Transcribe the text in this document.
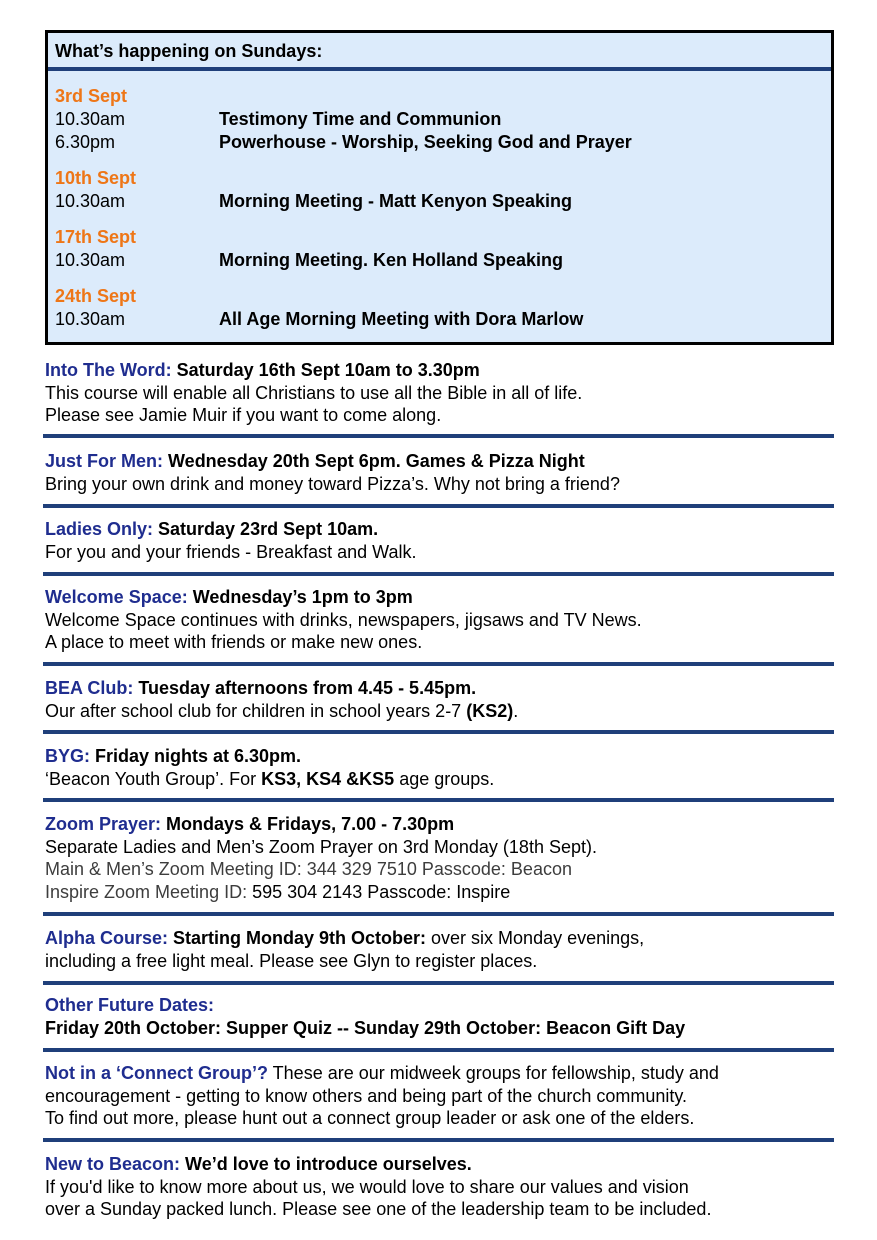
What’s happening on Sundays:
3rd Sept
10.30am	Testimony Time and Communion
6.30pm	Powerhouse - Worship, Seeking God and Prayer
10th Sept
10.30am	Morning Meeting - Matt Kenyon Speaking
17th Sept
10.30am	Morning Meeting. Ken Holland Speaking
24th Sept
10.30am	All Age Morning Meeting with Dora Marlow
Into The Word: Saturday 16th Sept 10am to 3.30pm
This course will enable all Christians to use all the Bible in all of life.
Please see Jamie Muir if you want to come along.
Just For Men: Wednesday 20th Sept 6pm. Games & Pizza Night
Bring your own drink and money toward Pizza’s. Why not bring a friend?
Ladies Only: Saturday 23rd Sept 10am.
For you and your friends - Breakfast and Walk.
Welcome Space: Wednesday’s 1pm to 3pm
Welcome Space continues with drinks, newspapers, jigsaws and TV News.
A place to meet with friends or make new ones.
BEA Club: Tuesday afternoons from 4.45 - 5.45pm.
Our after school club for children in school years 2-7 (KS2).
BYG: Friday nights at 6.30pm.
‘Beacon Youth Group’. For KS3, KS4 &KS5 age groups.
Zoom Prayer: Mondays & Fridays, 7.00 - 7.30pm
Separate Ladies and Men’s Zoom Prayer on 3rd Monday (18th Sept).
Main & Men’s Zoom Meeting ID: 344 329 7510 Passcode: Beacon
Inspire Zoom Meeting ID: 595 304 2143 Passcode: Inspire
Alpha Course: Starting Monday 9th October: over six Monday evenings,
including a free light meal. Please see Glyn to register places.
Other Future Dates:
Friday 20th October: Supper Quiz -- Sunday 29th October: Beacon Gift Day
Not in a ‘Connect Group’? These are our midweek groups for fellowship, study and
encouragement - getting to know others and being part of the church community.
To find out more, please hunt out a connect group leader or ask one of the elders.
New to Beacon: We’d love to introduce ourselves.
If you'd like to know more about us, we would love to share our values and vision
over a Sunday packed lunch. Please see one of the leadership team to be included.
